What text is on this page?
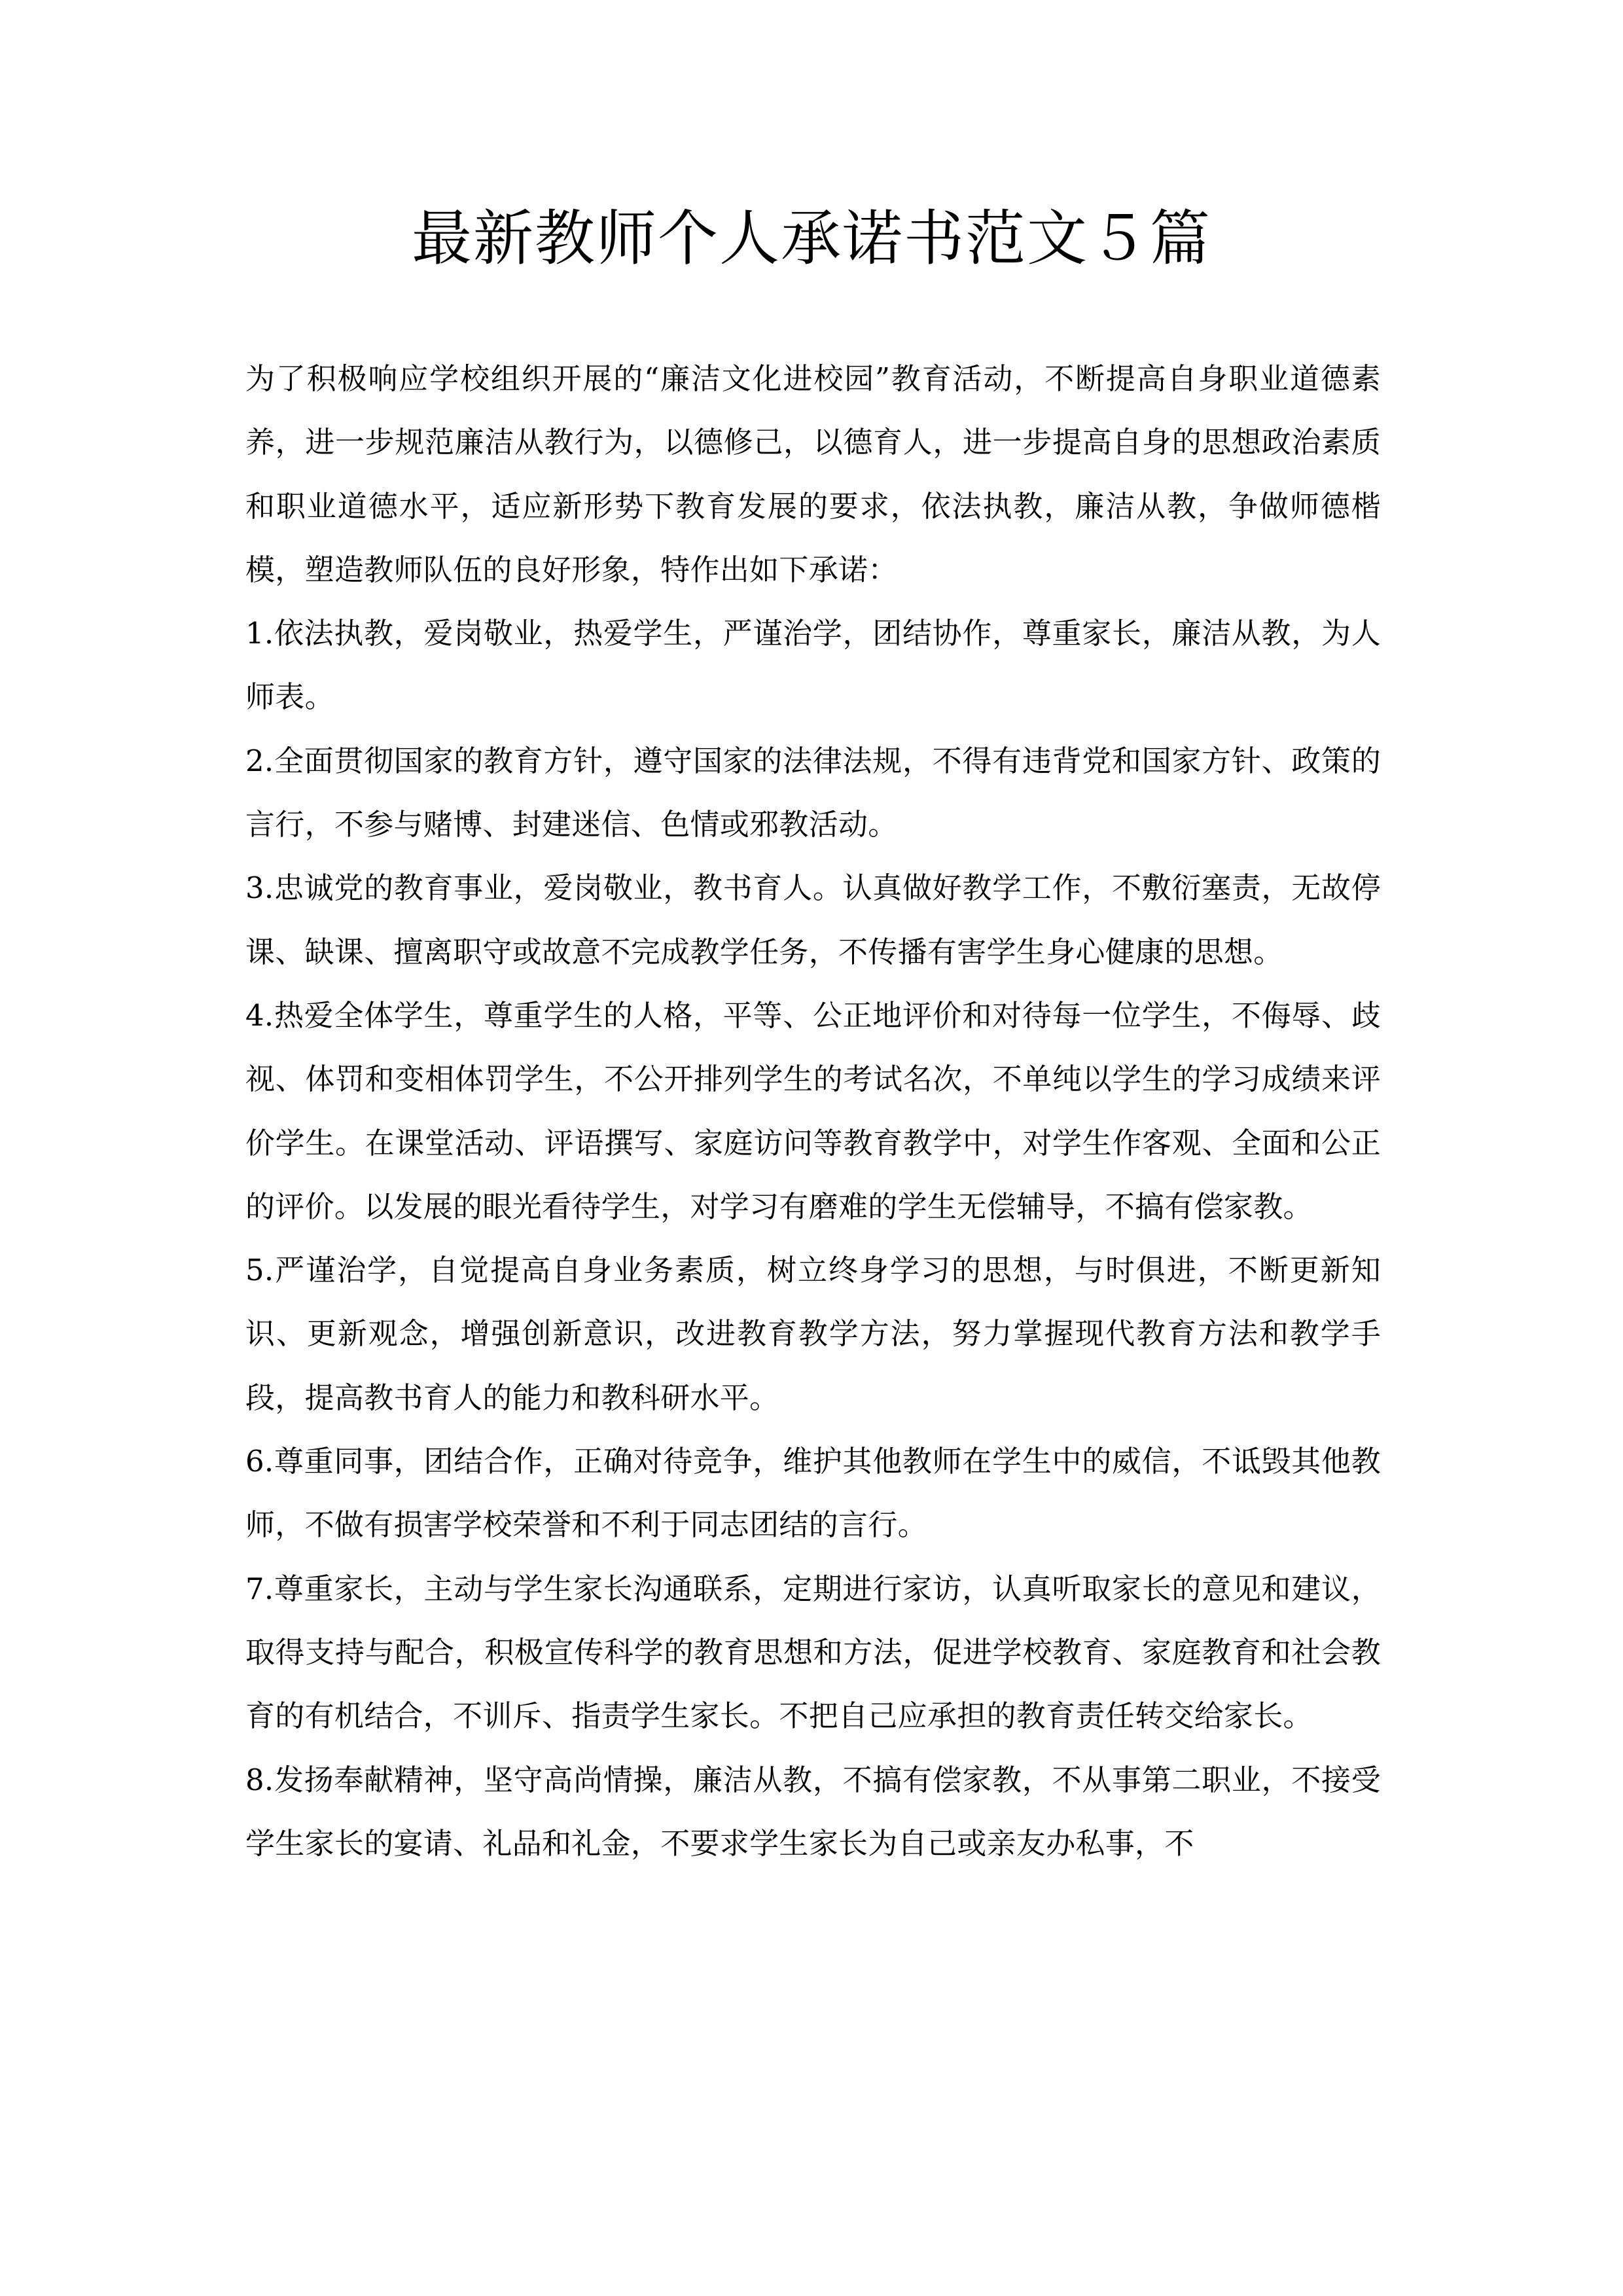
最新教师个人承诺书范文５篇

为了积极响应学校组织开展的“廉洁文化进校园”教育活动，不断提高自身职业道德素养，进一步规范廉洁从教行为，以德修己，以德育人，进一步提高自身的思想政治素质和职业道德水平，适应新形势下教育发展的要求，依法执教，廉洁从教，争做师德楷模，塑造教师队伍的良好形象，特作出如下承诺：

1.依法执教，爱岗敬业，热爱学生，严谨治学，团结协作，尊重家长，廉洁从教，为人师表。

2.全面贯彻国家的教育方针，遵守国家的法律法规，不得有违背党和国家方针、政策的言行，不参与赌博、封建迷信、色情或邪教活动。

3.忠诚党的教育事业，爱岗敬业，教书育人。认真做好教学工作，不敷衍塞责，无故停课、缺课、擅离职守或故意不完成教学任务，不传播有害学生身心健康的思想。

4.热爱全体学生，尊重学生的人格，平等、公正地评价和对待每一位学生，不侮辱、歧视、体罚和变相体罚学生，不公开排列学生的考试名次，不单纯以学生的学习成绩来评价学生。在课堂活动、评语撰写、家庭访问等教育教学中，对学生作客观、全面和公正的评价。以发展的眼光看待学生，对学习有磨难的学生无偿辅导，不搞有偿家教。

5.严谨治学，自觉提高自身业务素质，树立终身学习的思想，与时俱进，不断更新知识、更新观念，增强创新意识，改进教育教学方法，努力掌握现代教育方法和教学手段，提高教书育人的能力和教科研水平。

6.尊重同事，团结合作，正确对待竞争，维护其他教师在学生中的威信，不诋毁其他教师，不做有损害学校荣誉和不利于同志团结的言行。

7.尊重家长，主动与学生家长沟通联系，定期进行家访，认真听取家长的意见和建议，取得支持与配合，积极宣传科学的教育思想和方法，促进学校教育、家庭教育和社会教育的有机结合，不训斥、指责学生家长。不把自己应承担的教育责任转交给家长。

8.发扬奉献精神，坚守高尚情操，廉洁从教，不搞有偿家教，不从事第二职业，不接受学生家长的宴请、礼品和礼金，不要求学生家长为自己或亲友办私事，不
